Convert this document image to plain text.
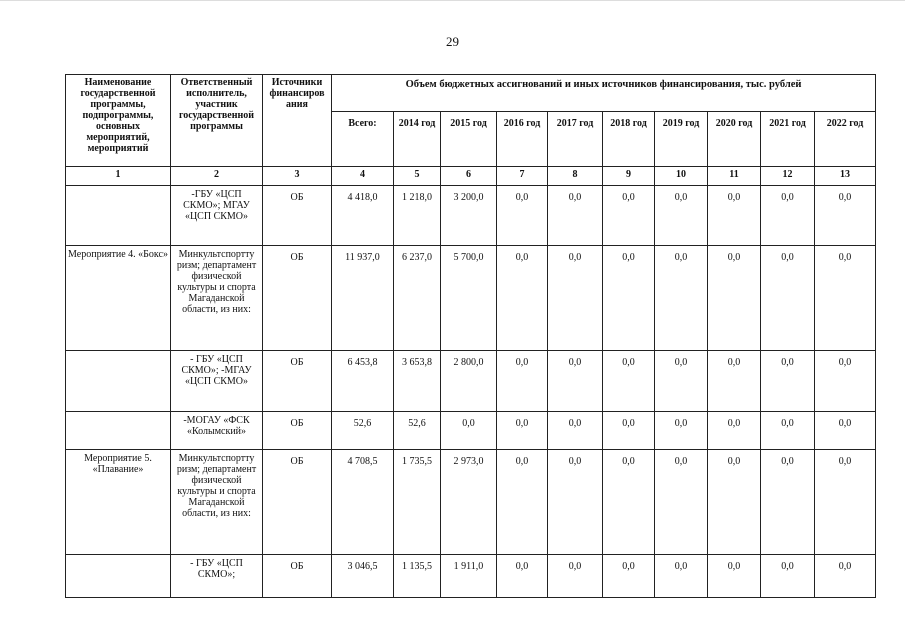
29
Наименование государственной программы, подпрограммы, основных мероприятий, мероприятий	Ответственный исполнитель, участник государственной программы	Источники финансиров ания	Объем бюджетных ассигнований и иных источников финансирования, тыс. рублей									
			Всего:	2014 год	2015 год	2016 год	2017 год	2018 год	2019 год	2020 год	2021 год	2022 год
1	2	3	4	5	6	7	8	9	10	11	12	13
	-ГБУ «ЦСП СКМО»; МГАУ «ЦСП СКМО»	ОБ	4 418,0	1 218,0	3 200,0	0,0	0,0	0,0	0,0	0,0	0,0	0,0
Мероприятие 4. «Бокс»	Минкультспортту ризм; департамент физической культуры и спорта Магаданской области, из них:	ОБ	11 937,0	6 237,0	5 700,0	0,0	0,0	0,0	0,0	0,0	0,0	0,0
	- ГБУ «ЦСП СКМО»; -МГАУ «ЦСП СКМО»	ОБ	6 453,8	3 653,8	2 800,0	0,0	0,0	0,0	0,0	0,0	0,0	0,0
	-МОГАУ «ФСК «Колымский»	ОБ	52,6	52,6	0,0	0,0	0,0	0,0	0,0	0,0	0,0	0,0
Мероприятие 5. «Плавание»	Минкультспортту ризм; департамент физической культуры и спорта Магаданской области, из них:	ОБ	4 708,5	1 735,5	2 973,0	0,0	0,0	0,0	0,0	0,0	0,0	0,0
	- ГБУ «ЦСП СКМО»;	ОБ	3 046,5	1 135,5	1 911,0	0,0	0,0	0,0	0,0	0,0	0,0	0,0
